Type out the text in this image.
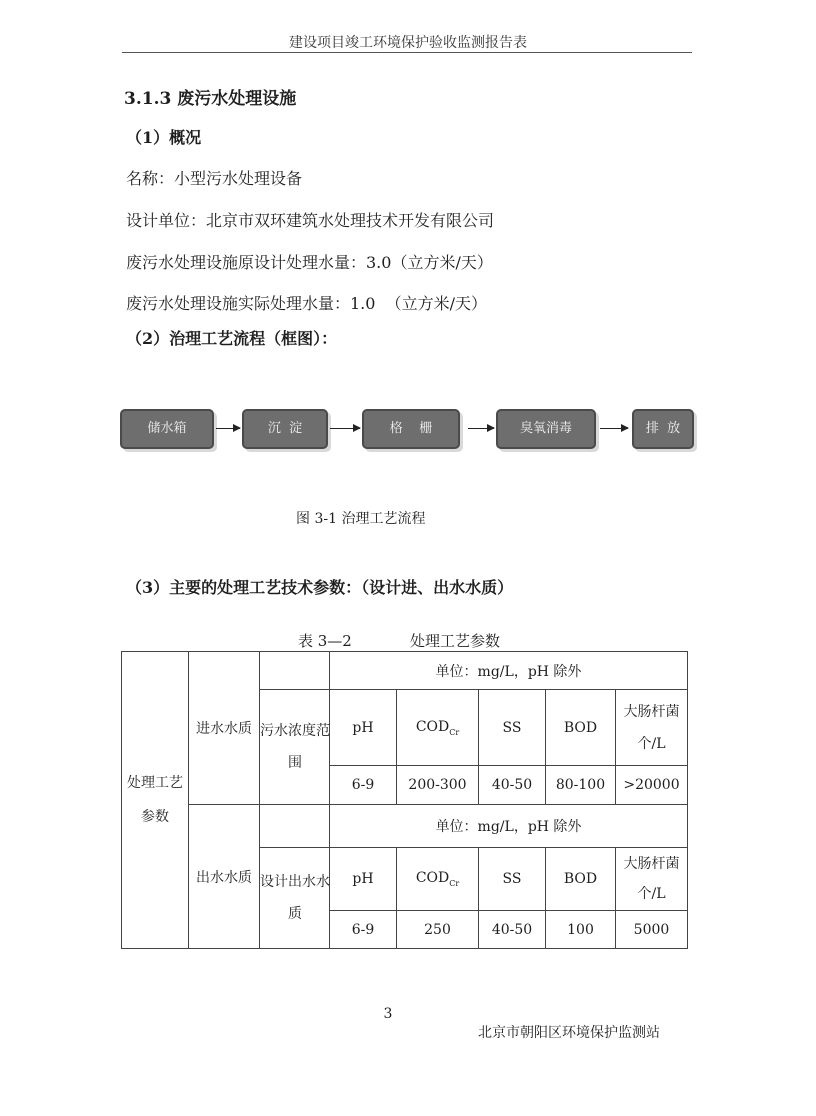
建设项目竣工环境保护验收监测报告表
3.1.3 废污水处理设施
（1）概况
名称：小型污水处理设备
设计单位：北京市双环建筑水处理技术开发有限公司
废污水处理设施原设计处理水量：3.0（立方米/天）
废污水处理设施实际处理水量：1.0  （立方米/天）
（2）治理工艺流程（框图）：
储水箱	沉  淀	格    栅	臭氧消毒	排  放
图 3-1 治理工艺流程
（3）主要的处理工艺技术参数：（设计进、出水水质）
表 3—2	处理工艺参数
处理工艺参数	进水水质		单位：mg/L，pH 除外				

		污水浓度范围	pH	$COD_{Cr}$	SS	BOD	大肠杆菌个/L

			6-9	200-300	40-50	80-100	>20000
	出水水质		单位：mg/L，pH 除外				

		设计出水水质	pH	$COD_{Cr}$	SS	BOD	大肠杆菌个/L

			6-9	250	40-50	100	5000
3
北京市朝阳区环境保护监测站
